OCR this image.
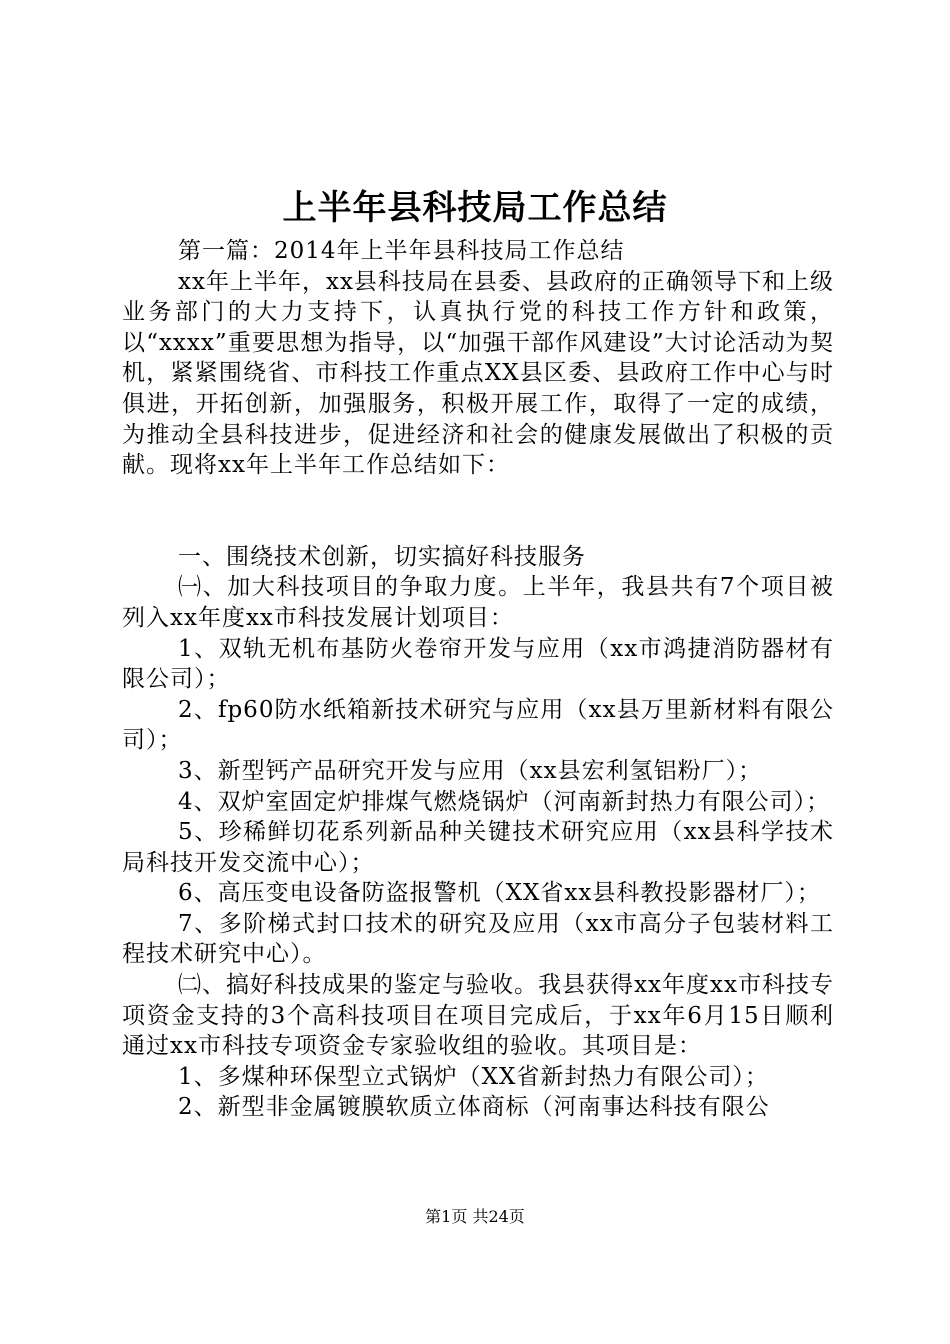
上半年县科技局工作总结

第一篇：2014年上半年县科技局工作总结

xx年上半年，xx县科技局在县委、县政府的正确领导下和上级业务部门的大力支持下，认真执行党的科技工作方针和政策，以“xxxx”重要思想为指导，以“加强干部作风建设”大讨论活动为契机，紧紧围绕省、市科技工作重点XX县区委、县政府工作中心与时俱进，开拓创新，加强服务，积极开展工作，取得了一定的成绩，为推动全县科技进步，促进经济和社会的健康发展做出了积极的贡献。现将xx年上半年工作总结如下：

一、围绕技术创新，切实搞好科技服务

㈠、加大科技项目的争取力度。上半年，我县共有7个项目被列入xx年度xx市科技发展计划项目：

1、双轨无机布基防火卷帘开发与应用（xx市鸿捷消防器材有限公司）；

2、fp60防水纸箱新技术研究与应用（xx县万里新材料有限公司）；

3、新型钙产品研究开发与应用（xx县宏利氢铝粉厂）；

4、双炉室固定炉排煤气燃烧锅炉（河南新封热力有限公司）；

5、珍稀鲜切花系列新品种关键技术研究应用（xx县科学技术局科技开发交流中心）；

6、高压变电设备防盗报警机（XX省xx县科教投影器材厂）；

7、多阶梯式封口技术的研究及应用（xx市高分子包装材料工程技术研究中心）。

㈡、搞好科技成果的鉴定与验收。我县获得xx年度xx市科技专项资金支持的3个高科技项目在项目完成后，于xx年6月15日顺利通过xx市科技专项资金专家验收组的验收。其项目是：

1、多煤种环保型立式锅炉（XX省新封热力有限公司）；

2、新型非金属镀膜软质立体商标（河南事达科技有限公

第1页 共24页
